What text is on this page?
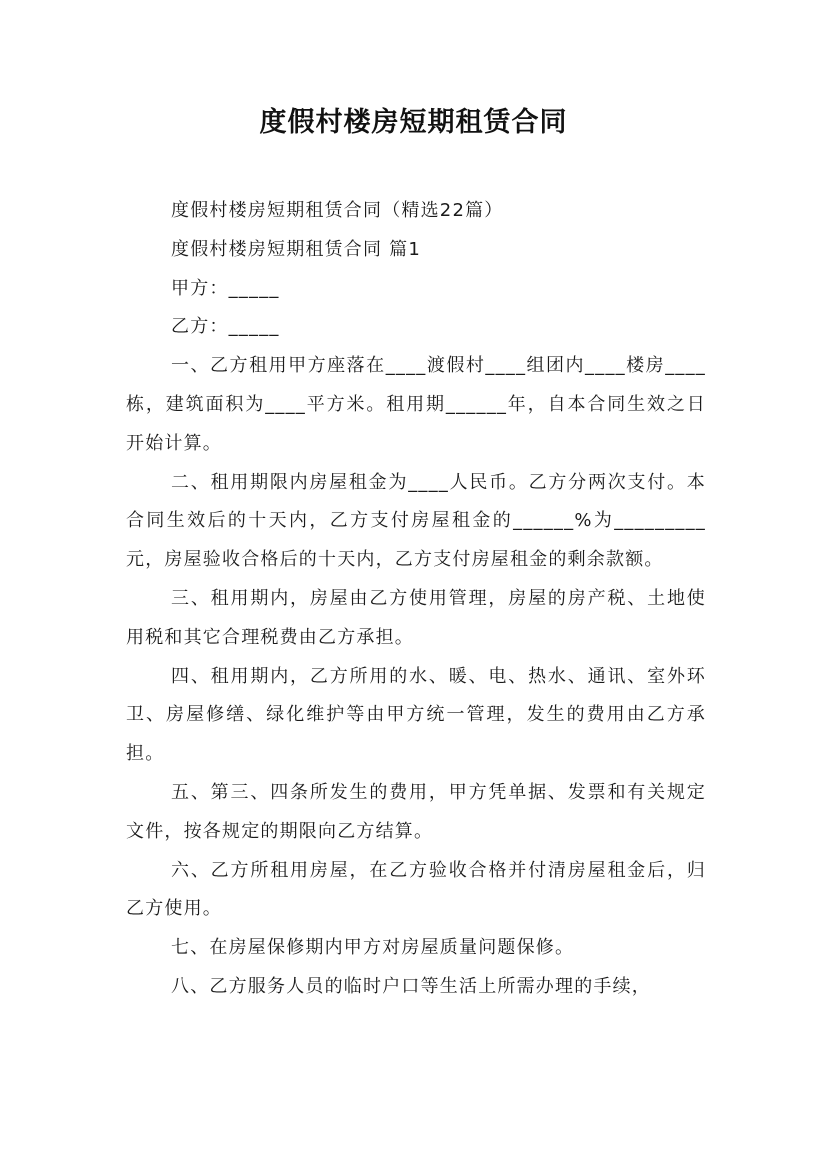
度假村楼房短期租赁合同

度假村楼房短期租赁合同（精选22篇）

度假村楼房短期租赁合同 篇1

甲方：_____

乙方：_____

一、乙方租用甲方座落在____渡假村____组团内____楼房____栋，建筑面积为____平方米。租用期______年，自本合同生效之日开始计算。

二、租用期限内房屋租金为____人民币。乙方分两次支付。本合同生效后的十天内，乙方支付房屋租金的______%为_________元，房屋验收合格后的十天内，乙方支付房屋租金的剩余款额。

三、租用期内，房屋由乙方使用管理，房屋的房产税、土地使用税和其它合理税费由乙方承担。

四、租用期内，乙方所用的水、暖、电、热水、通讯、室外环卫、房屋修缮、绿化维护等由甲方统一管理，发生的费用由乙方承担。

五、第三、四条所发生的费用，甲方凭单据、发票和有关规定文件，按各规定的期限向乙方结算。

六、乙方所租用房屋，在乙方验收合格并付清房屋租金后，归乙方使用。

七、在房屋保修期内甲方对房屋质量问题保修。

八、乙方服务人员的临时户口等生活上所需办理的手续，
